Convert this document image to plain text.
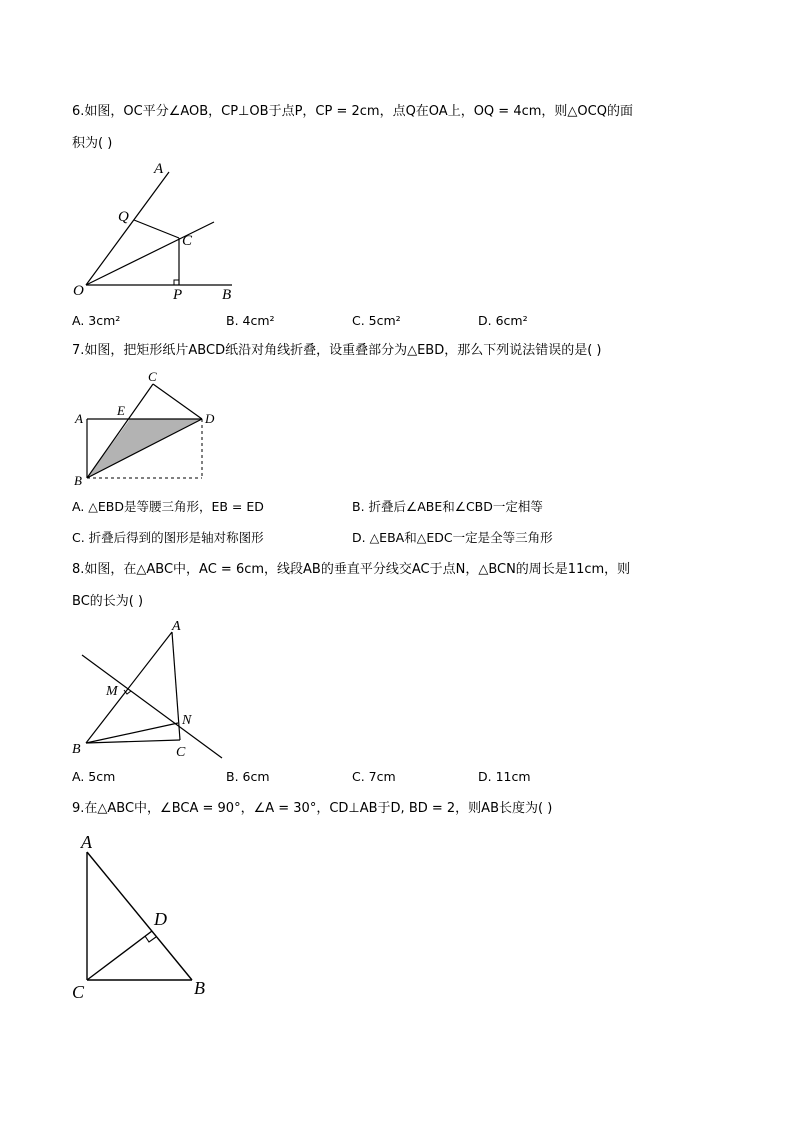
6.如图，OC平分∠AOB，CP⊥OB于点P，CP = 2cm，点Q在OA上，OQ = 4cm，则△OCQ的面
积为( )
A
Q
C
O	P	B
A. 3cm²	B. 4cm²	C. 5cm²	D. 6cm²
7.如图，把矩形纸片ABCD纸沿对角线折叠，设重叠部分为△EBD，那么下列说法错误的是( )
A
E
C
D
B
A. △EBD是等腰三角形，EB = ED	B. 折叠后∠ABE和∠CBD一定相等
C. 折叠后得到的图形是轴对称图形	D. △EBA和△EDC一定是全等三角形
8.如图，在△ABC中，AC = 6cm，线段AB的垂直平分线交AC于点N，△BCN的周长是11cm，则
BC的长为( )
A
M
N
B	C
A. 5cm	B. 6cm	C. 7cm	D. 11cm
9.在△ABC中，∠BCA = 90°，∠A = 30°，CD⊥AB于D, BD = 2，则AB长度为( )
A
D
C	B
